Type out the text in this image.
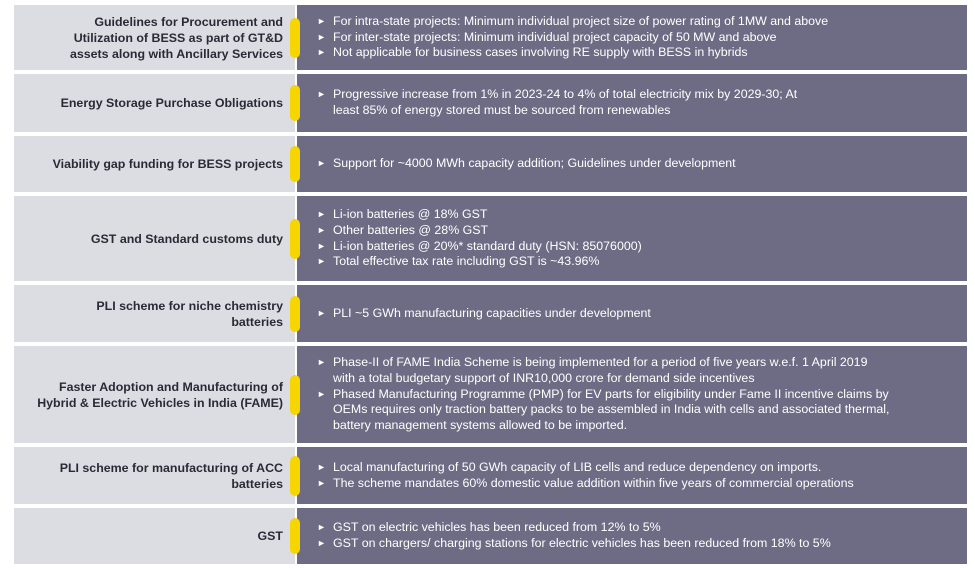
Guidelines for Procurement and
Utilization of BESS as part of GT&D
assets along with Ancillary Services
► For intra-state projects: Minimum individual project size of power rating of 1MW and above
► For inter-state projects: Minimum individual project capacity of 50 MW and above
► Not applicable for business cases involving RE supply with BESS in hybrids
Energy Storage Purchase Obligations
► Progressive increase from 1% in 2023-24 to 4% of total electricity mix by 2029-30; At
least 85% of energy stored must be sourced from renewables
Viability gap funding for BESS projects	► Support for ~4000 MWh capacity addition; Guidelines under development
GST and Standard customs duty
► Li-ion batteries @ 18% GST
► Other batteries @ 28% GST
► Li-ion batteries @ 20%* standard duty (HSN: 85076000)
► Total effective tax rate including GST is ~43.96%
PLI scheme for niche chemistry
batteries
► PLI ~5 GWh manufacturing capacities under development
Faster Adoption and Manufacturing of
Hybrid & Electric Vehicles in India (FAME)
► Phase-II of FAME India Scheme is being implemented for a period of five years w.e.f. 1 April 2019
with a total budgetary support of INR10,000 crore for demand side incentives
► Phased Manufacturing Programme (PMP) for EV parts for eligibility under Fame II incentive claims by
OEMs requires only traction battery packs to be assembled in India with cells and associated thermal,
battery management systems allowed to be imported.
PLI scheme for manufacturing of ACC
batteries
► Local manufacturing of 50 GWh capacity of LIB cells and reduce dependency on imports.
► The scheme mandates 60% domestic value addition within five years of commercial operations
GST
► GST on electric vehicles has been reduced from 12% to 5%
► GST on chargers/ charging stations for electric vehicles has been reduced from 18% to 5%
